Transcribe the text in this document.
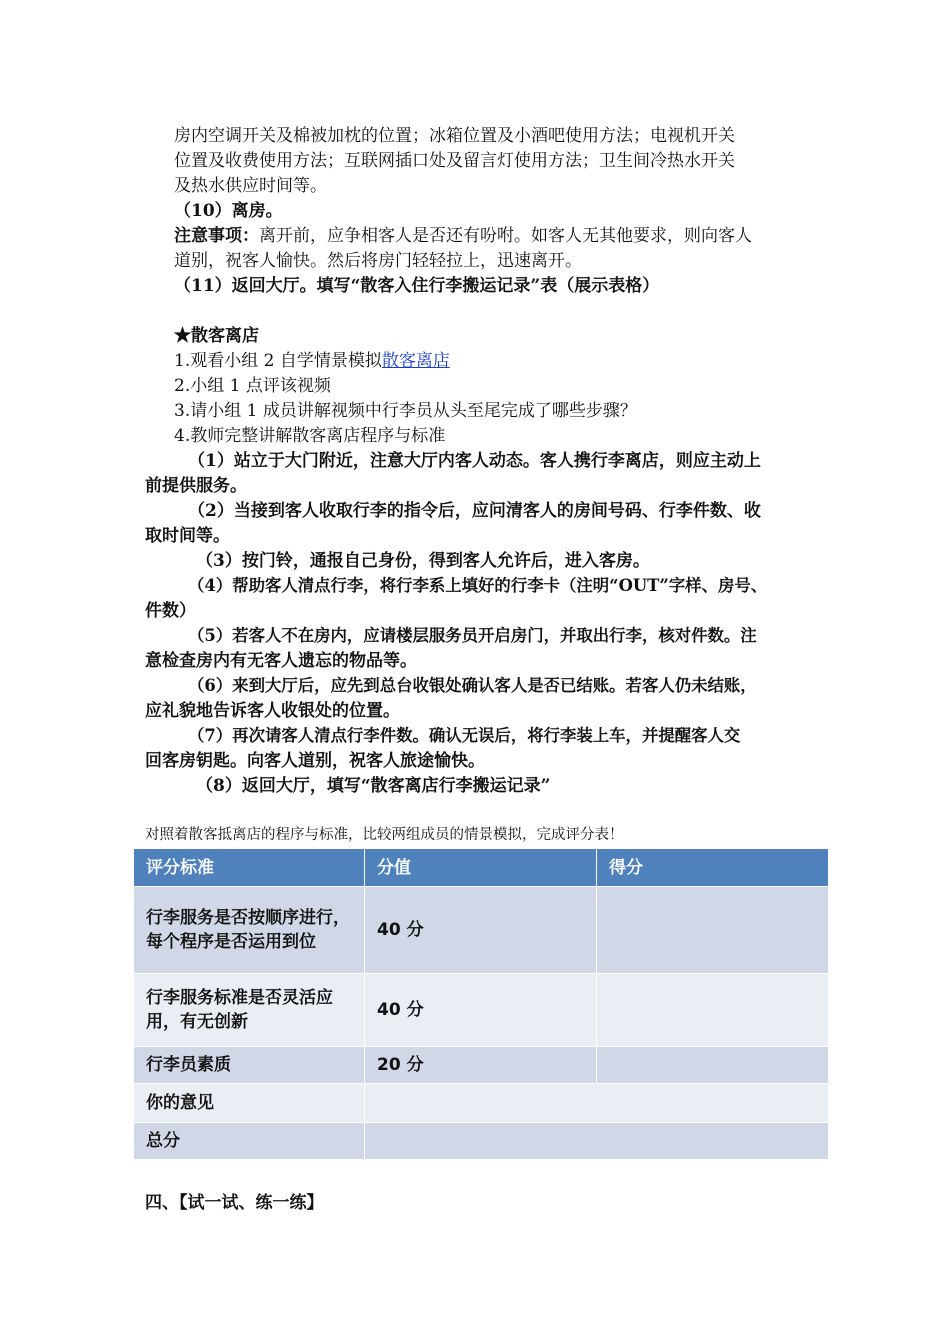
房内空调开关及棉被加枕的位置；冰箱位置及小酒吧使用方法；电视机开关
位置及收费使用方法；互联网插口处及留言灯使用方法；卫生间冷热水开关
及热水供应时间等。
（10）离房。
注意事项：离开前，应争相客人是否还有吩咐。如客人无其他要求，则向客人
道别，祝客人愉快。然后将房门轻轻拉上，迅速离开。
（11）返回大厅。填写“散客入住行李搬运记录”表（展示表格）
★散客离店
1.观看小组 2 自学情景模拟散客离店
2.小组 1 点评该视频
3.请小组 1 成员讲解视频中行李员从头至尾完成了哪些步骤？
4.教师完整讲解散客离店程序与标准
（1）站立于大门附近，注意大厅内客人动态。客人携行李离店，则应主动上
前提供服务。
（2）当接到客人收取行李的指令后，应问清客人的房间号码、行李件数、收
取时间等。
（3）按门铃，通报自己身份，得到客人允许后，进入客房。
（4）帮助客人清点行李，将行李系上填好的行李卡（注明“OUT”字样、房号、
件数）
（5）若客人不在房内，应请楼层服务员开启房门，并取出行李，核对件数。注
意检查房内有无客人遗忘的物品等。
（6）来到大厅后，应先到总台收银处确认客人是否已结账。若客人仍未结账，
应礼貌地告诉客人收银处的位置。
（7）再次请客人清点行李件数。确认无误后，将行李装上车，并提醒客人交
回客房钥匙。向客人道别，祝客人旅途愉快。
（8）返回大厅，填写“散客离店行李搬运记录”
对照着散客抵离店的程序与标准，比较两组成员的情景模拟，完成评分表！
评分标准	分值	得分
行李服务是否按顺序进行，每个程序是否运用到位	40 分	
行李服务标准是否灵活应用，有无创新	40 分	
行李员素质	20 分	
你的意见		
总分		
四、【试一试、练一练】
